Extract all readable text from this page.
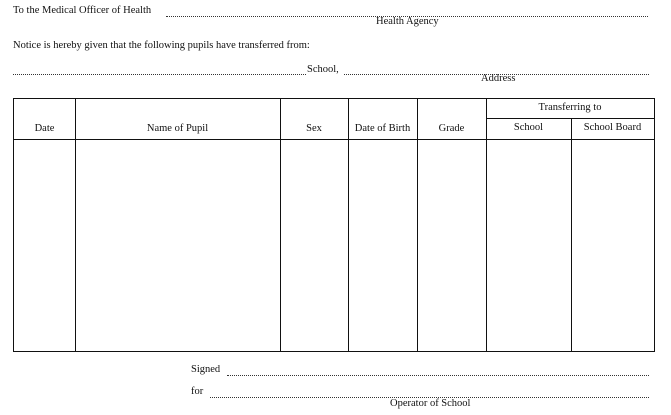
To the Medical Officer of Health
Health Agency
Notice is hereby given that the following pupils have transferred from:
School,
Address
Date	Name of Pupil	Sex	Date of Birth	Grade
Transferring to
School	School Board
Signed
for
Operator of School
